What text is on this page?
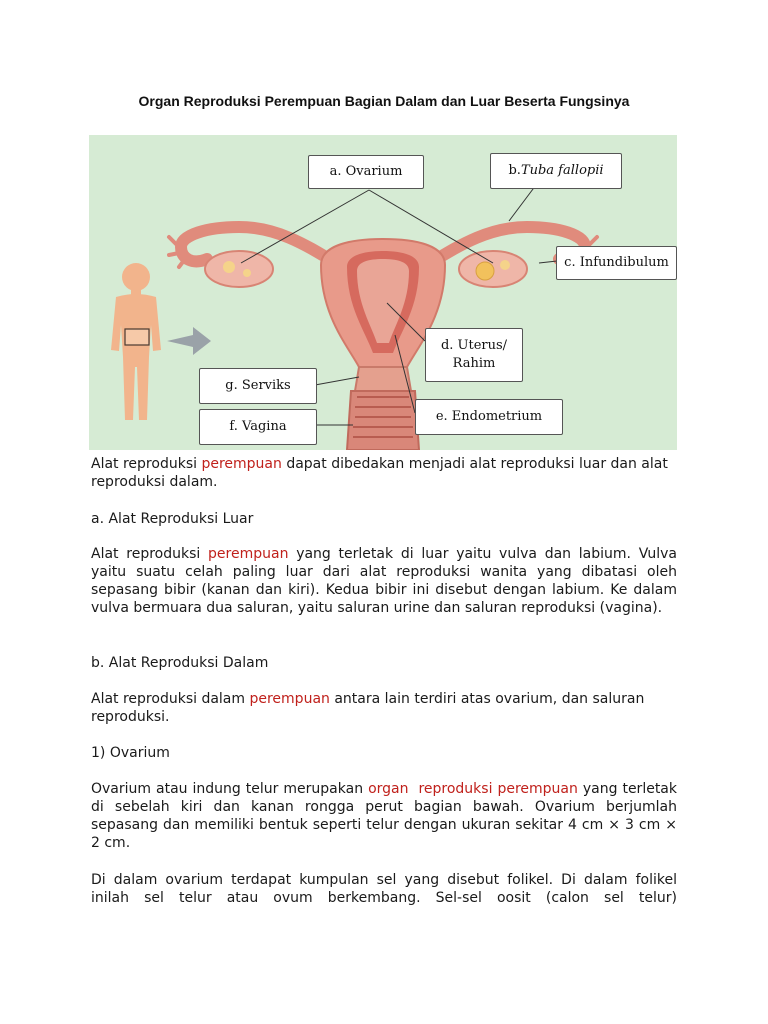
Organ Reproduksi Perempuan Bagian Dalam dan Luar Beserta Fungsinya
a. Ovarium	b. Tuba fallopii
c. Infundibulum
d. Uterus/
Rahim
e. Endometrium
g. Serviks
f. Vagina

Alat reproduksi perempuan dapat dibedakan menjadi alat reproduksi luar dan alat reproduksi dalam.

a. Alat Reproduksi Luar

Alat reproduksi perempuan yang terletak di luar yaitu vulva dan labium. Vulva yaitu suatu celah paling luar dari alat reproduksi wanita yang dibatasi oleh sepasang bibir (kanan dan kiri). Kedua bibir ini disebut dengan labium. Ke dalam vulva bermuara dua saluran, yaitu saluran urine dan saluran reproduksi (vagina).

b. Alat Reproduksi Dalam

Alat reproduksi dalam perempuan antara lain terdiri atas ovarium, dan saluran reproduksi.

1) Ovarium

Ovarium atau indung telur merupakan organ  reproduksi perempuan yang terletak di sebelah kiri dan kanan rongga perut bagian bawah. Ovarium berjumlah sepasang dan memiliki bentuk seperti telur dengan ukuran sekitar 4 cm × 3 cm × 2 cm.

Di dalam ovarium terdapat kumpulan sel yang disebut folikel. Di dalam folikel inilah sel telur atau ovum berkembang. Sel-sel oosit (calon sel telur)
